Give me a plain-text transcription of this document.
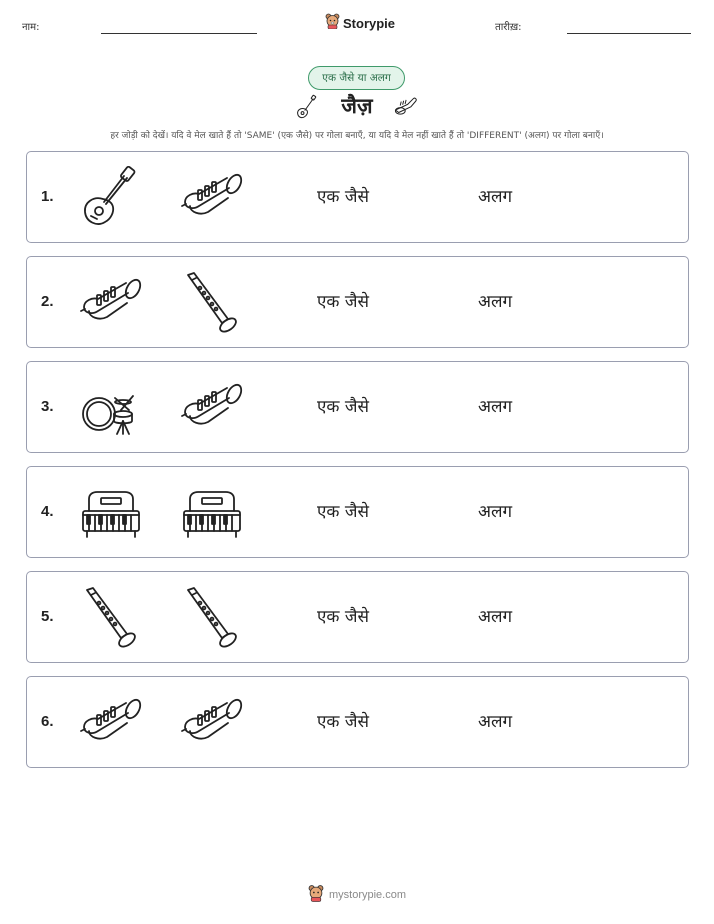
नाम:	Storypie	तारीख़:
एक जैसे या अलग
जैज़
हर जोड़ी को देखें। यदि वे मेल खाते हैं तो 'SAME' (एक जैसे) पर गोला बनाएँ, या यदि वे मेल नहीं खाते हैं तो 'DIFFERENT' (अलग) पर गोला बनाएँ।
1.	एक जैसे	अलग
2.	एक जैसे	अलग
3.	एक जैसे	अलग
4.	एक जैसे	अलग
5.	एक जैसे	अलग
6.	एक जैसे	अलग
mystorypie.com
